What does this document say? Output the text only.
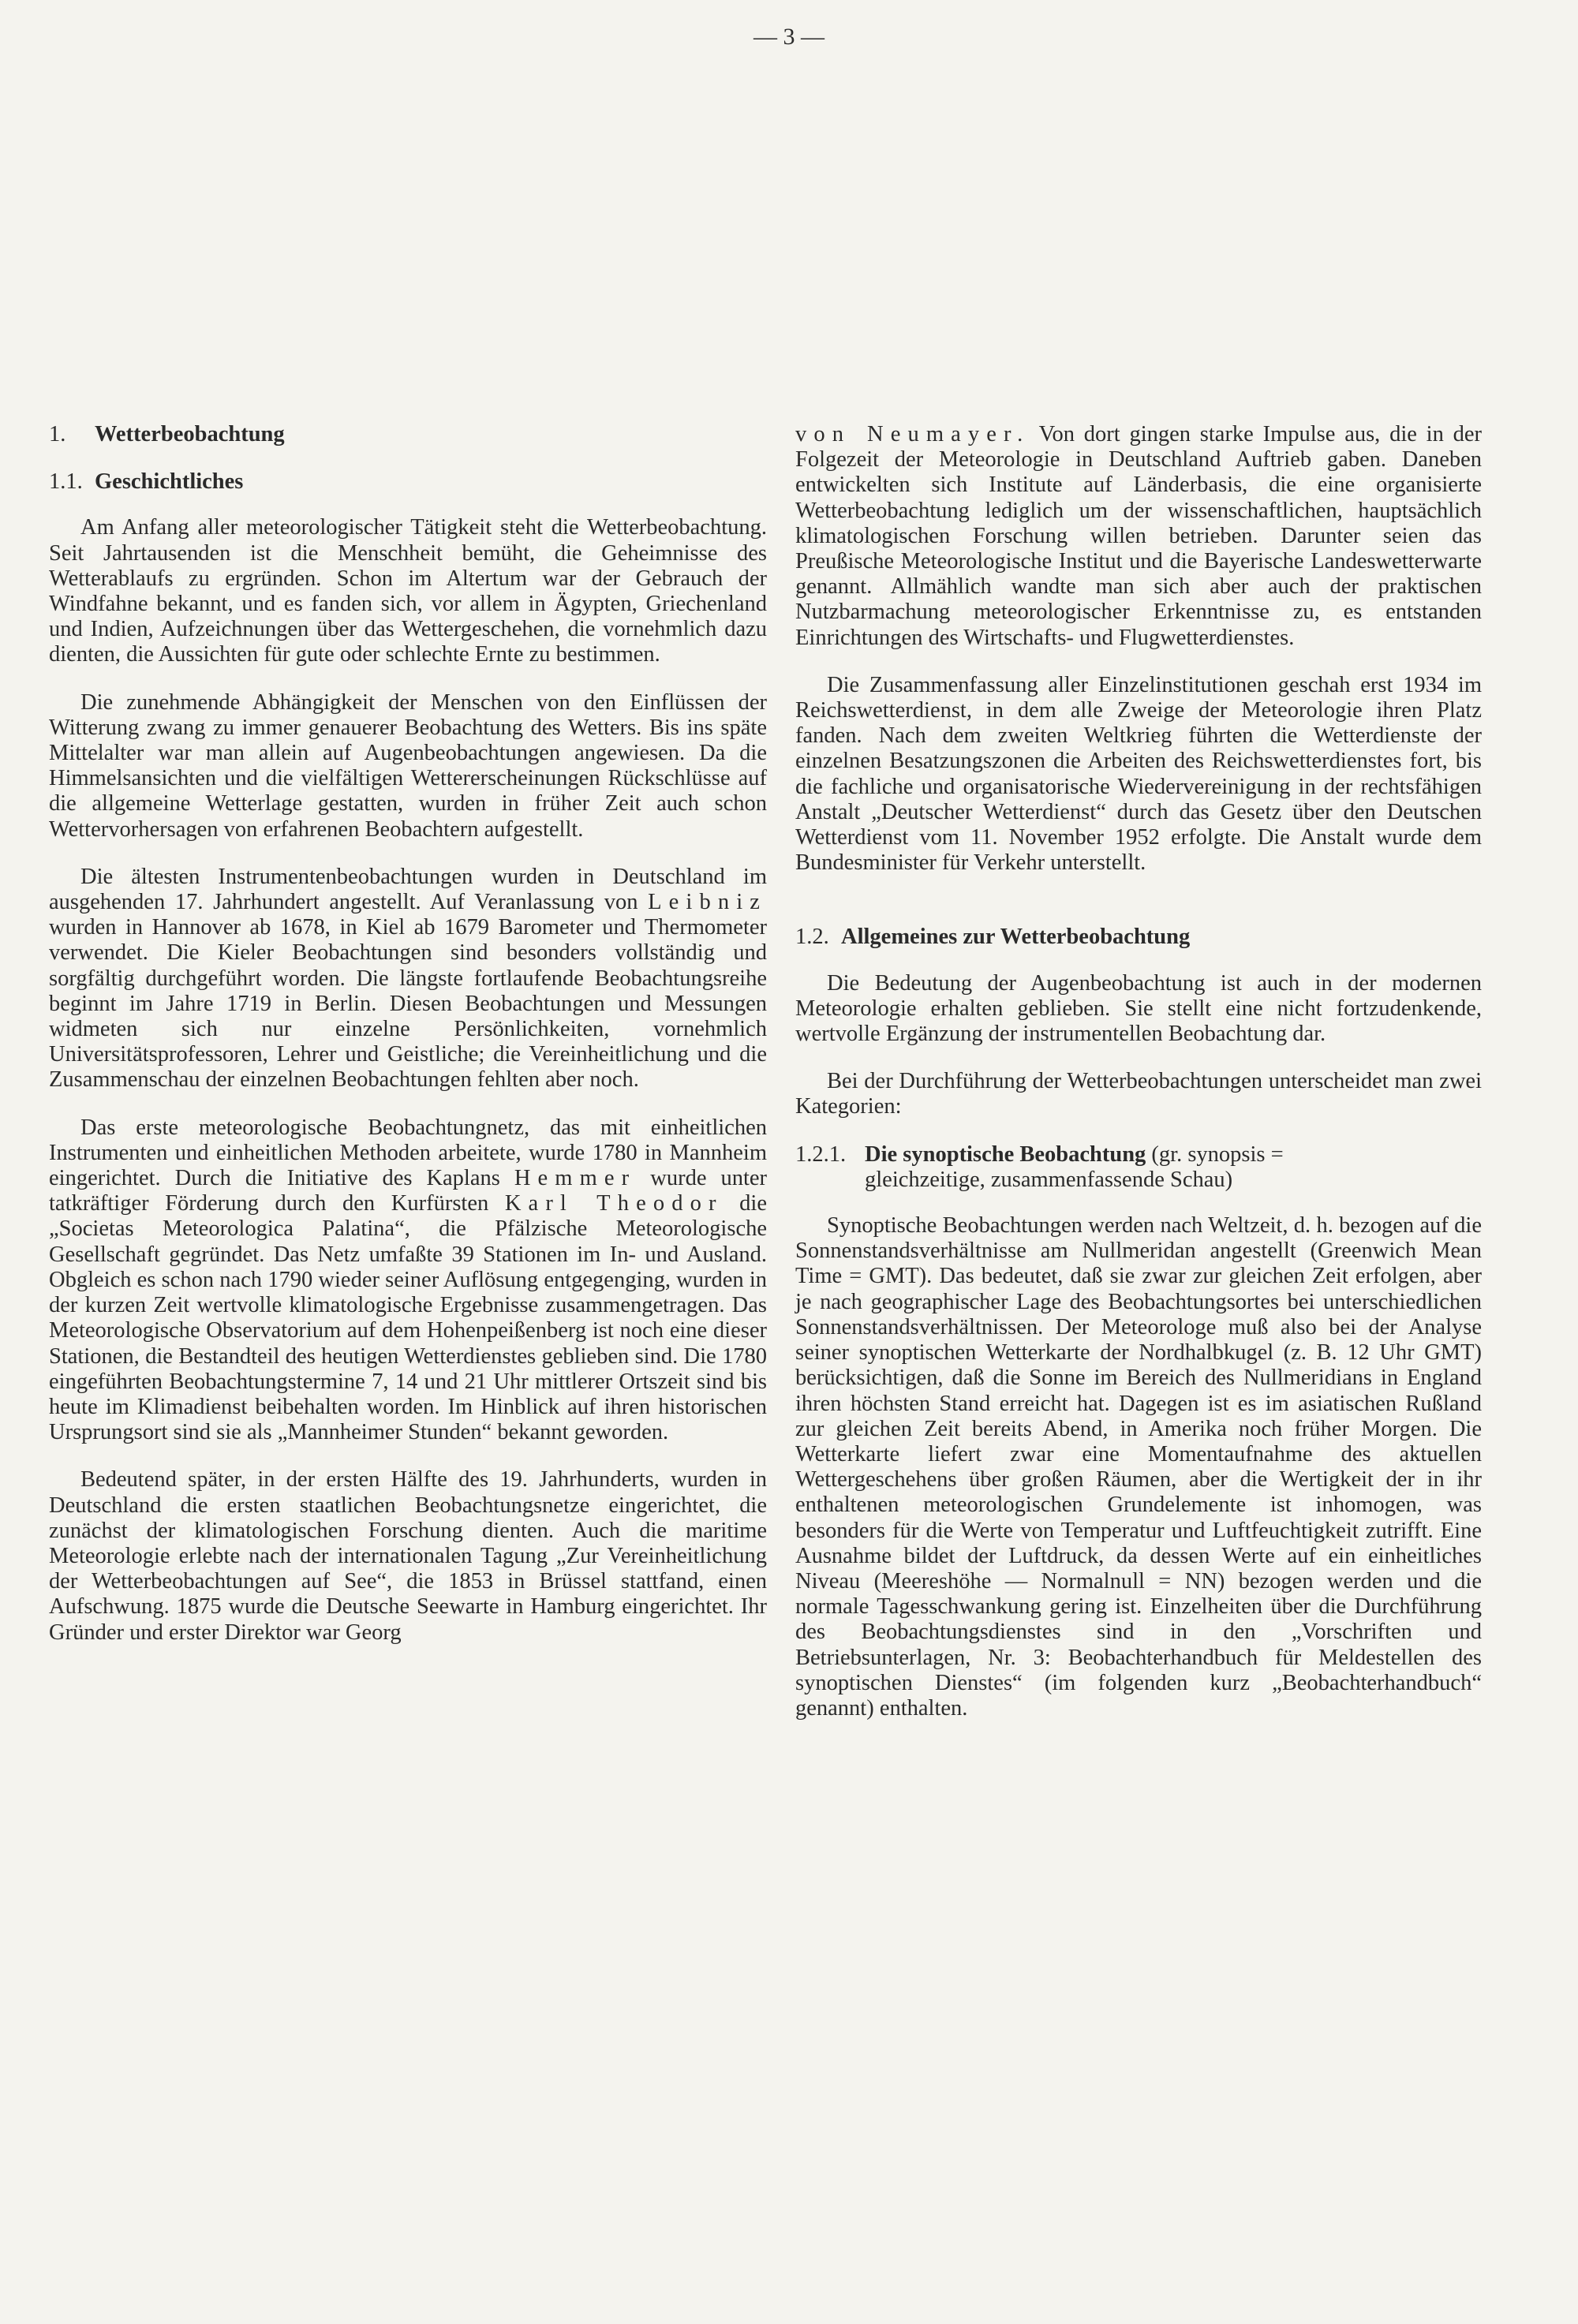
— 3 —
1. Wetterbeobachtung
1.1. Geschichtliches

Am Anfang aller meteorologischer Tätigkeit steht die Wetterbeobachtung. Seit Jahrtausenden ist die Menschheit bemüht, die Geheimnisse des Wetterablaufs zu ergründen. Schon im Altertum war der Gebrauch der Windfahne bekannt, und es fanden sich, vor allem in Ägypten, Griechenland und Indien, Aufzeichnungen über das Wettergeschehen, die vornehmlich dazu dienten, die Aussichten für gute oder schlechte Ernte zu bestimmen.

Die zunehmende Abhängigkeit der Menschen von den Einflüssen der Witterung zwang zu immer genauerer Beobachtung des Wetters. Bis ins späte Mittelalter war man allein auf Augenbeobachtungen angewiesen. Da die Himmelsansichten und die vielfältigen Wettererscheinungen Rückschlüsse auf die allgemeine Wetterlage gestatten, wurden in früher Zeit auch schon Wettervorhersagen von erfahrenen Beobachtern aufgestellt.

Die ältesten Instrumentenbeobachtungen wurden in Deutschland im ausgehenden 17. Jahrhundert angestellt. Auf Veranlassung von Leibniz wurden in Hannover ab 1678, in Kiel ab 1679 Barometer und Thermometer verwendet. Die Kieler Beobachtungen sind besonders vollständig und sorgfältig durchgeführt worden. Die längste fortlaufende Beobachtungsreihe beginnt im Jahre 1719 in Berlin. Diesen Beobachtungen und Messungen widmeten sich nur einzelne Persönlichkeiten, vornehmlich Universitätsprofessoren, Lehrer und Geistliche; die Vereinheitlichung und die Zusammenschau der einzelnen Beobachtungen fehlten aber noch.

Das erste meteorologische Beobachtungnetz, das mit einheitlichen Instrumenten und einheitlichen Methoden arbeitete, wurde 1780 in Mannheim eingerichtet. Durch die Initiative des Kaplans Hemmer wurde unter tatkräftiger Förderung durch den Kurfürsten Karl Theodor die „Societas Meteorologica Palatina“, die Pfälzische Meteorologische Gesellschaft gegründet. Das Netz umfaßte 39 Stationen im In- und Ausland. Obgleich es schon nach 1790 wieder seiner Auflösung entgegenging, wurden in der kurzen Zeit wertvolle klimatologische Ergebnisse zusammengetragen. Das Meteorologische Observatorium auf dem Hohenpeißenberg ist noch eine dieser Stationen, die Bestandteil des heutigen Wetterdienstes geblieben sind. Die 1780 eingeführten Beobachtungstermine 7, 14 und 21 Uhr mittlerer Ortszeit sind bis heute im Klimadienst beibehalten worden. Im Hinblick auf ihren historischen Ursprungsort sind sie als „Mannheimer Stunden“ bekannt geworden.

Bedeutend später, in der ersten Hälfte des 19. Jahrhunderts, wurden in Deutschland die ersten staatlichen Beobachtungsnetze eingerichtet, die zunächst der klimatologischen Forschung dienten. Auch die maritime Meteorologie erlebte nach der internationalen Tagung „Zur Vereinheitlichung der Wetterbeobachtungen auf See“, die 1853 in Brüssel stattfand, einen Aufschwung. 1875 wurde die Deutsche Seewarte in Hamburg eingerichtet. Ihr Gründer und erster Direktor war Georg

von Neumayer. Von dort gingen starke Impulse aus, die in der Folgezeit der Meteorologie in Deutschland Auftrieb gaben. Daneben entwickelten sich Institute auf Länderbasis, die eine organisierte Wetterbeobachtung lediglich um der wissenschaftlichen, hauptsächlich klimatologischen Forschung willen betrieben. Darunter seien das Preußische Meteorologische Institut und die Bayerische Landeswetterwarte genannt. Allmählich wandte man sich aber auch der praktischen Nutzbarmachung meteorologischer Erkenntnisse zu, es entstanden Einrichtungen des Wirtschafts- und Flugwetterdienstes.

Die Zusammenfassung aller Einzelinstitutionen geschah erst 1934 im Reichswetterdienst, in dem alle Zweige der Meteorologie ihren Platz fanden. Nach dem zweiten Weltkrieg führten die Wetterdienste der einzelnen Besatzungszonen die Arbeiten des Reichswetterdienstes fort, bis die fachliche und organisatorische Wiedervereinigung in der rechtsfähigen Anstalt „Deutscher Wetterdienst“ durch das Gesetz über den Deutschen Wetterdienst vom 11. November 1952 erfolgte. Die Anstalt wurde dem Bundesminister für Verkehr unterstellt.

1.2. Allgemeines zur Wetterbeobachtung

Die Bedeutung der Augenbeobachtung ist auch in der modernen Meteorologie erhalten geblieben. Sie stellt eine nicht fortzudenkende, wertvolle Ergänzung der instrumentellen Beobachtung dar.

Bei der Durchführung der Wetterbeobachtungen unterscheidet man zwei Kategorien:

1.2.1. Die synoptische Beobachtung (gr. synopsis =
gleichzeitige, zusammenfassende Schau)

Synoptische Beobachtungen werden nach Weltzeit, d. h. bezogen auf die Sonnenstandsverhältnisse am Nullmeridan angestellt (Greenwich Mean Time = GMT). Das bedeutet, daß sie zwar zur gleichen Zeit erfolgen, aber je nach geographischer Lage des Beobachtungsortes bei unterschiedlichen Sonnenstandsverhältnissen. Der Meteorologe muß also bei der Analyse seiner synoptischen Wetterkarte der Nordhalbkugel (z. B. 12 Uhr GMT) berücksichtigen, daß die Sonne im Bereich des Nullmeridians in England ihren höchsten Stand erreicht hat. Dagegen ist es im asiatischen Rußland zur gleichen Zeit bereits Abend, in Amerika noch früher Morgen. Die Wetterkarte liefert zwar eine Momentaufnahme des aktuellen Wettergeschehens über großen Räumen, aber die Wertigkeit der in ihr enthaltenen meteorologischen Grundelemente ist inhomogen, was besonders für die Werte von Temperatur und Luftfeuchtigkeit zutrifft. Eine Ausnahme bildet der Luftdruck, da dessen Werte auf ein einheitliches Niveau (Meereshöhe — Normalnull = NN) bezogen werden und die normale Tagesschwankung gering ist. Einzelheiten über die Durchführung des Beobachtungsdienstes sind in den „Vorschriften und Betriebsunterlagen, Nr. 3: Beobachterhandbuch für Meldestellen des synoptischen Dienstes“ (im folgenden kurz „Beobachterhandbuch“ genannt) enthalten.
